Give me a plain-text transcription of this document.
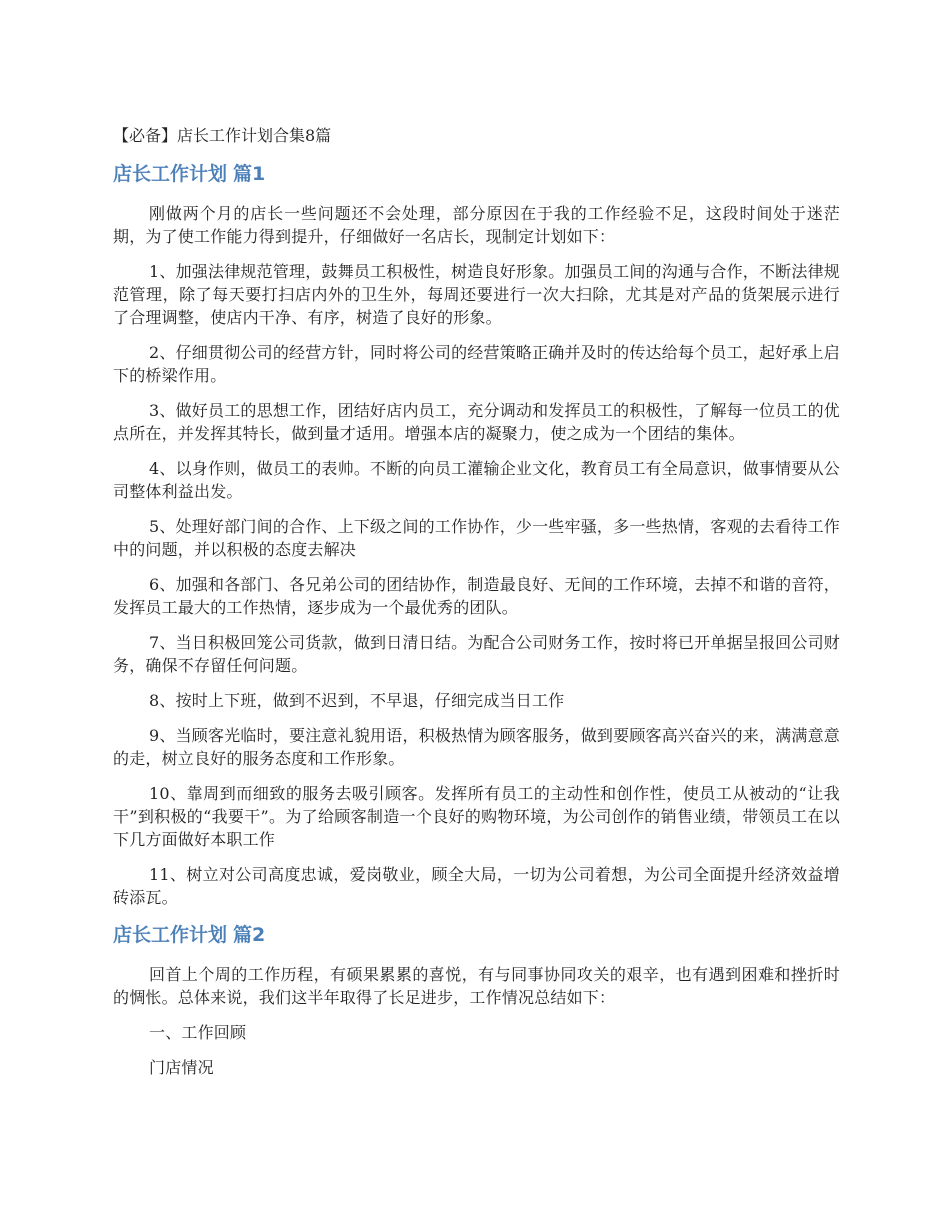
【必备】店长工作计划合集8篇
店长工作计划 篇1

刚做两个月的店长一些问题还不会处理，部分原因在于我的工作经验不足，这段时间处于迷茫期，为了使工作能力得到提升，仔细做好一名店长，现制定计划如下：

1、加强法律规范管理，鼓舞员工积极性，树造良好形象。加强员工间的沟通与合作，不断法律规范管理，除了每天要打扫店内外的卫生外，每周还要进行一次大扫除，尤其是对产品的货架展示进行了合理调整，使店内干净、有序，树造了良好的形象。

2、仔细贯彻公司的经营方针，同时将公司的经营策略正确并及时的传达给每个员工，起好承上启下的桥梁作用。

3、做好员工的思想工作，团结好店内员工，充分调动和发挥员工的积极性，了解每一位员工的优点所在，并发挥其特长，做到量才适用。增强本店的凝聚力，使之成为一个团结的集体。

4、以身作则，做员工的表帅。不断的向员工灌输企业文化，教育员工有全局意识，做事情要从公司整体利益出发。

5、处理好部门间的合作、上下级之间的工作协作，少一些牢骚，多一些热情，客观的去看待工作中的问题，并以积极的态度去解决

6、加强和各部门、各兄弟公司的团结协作，制造最良好、无间的工作环境，去掉不和谐的音符，发挥员工最大的工作热情，逐步成为一个最优秀的团队。

7、当日积极回笼公司货款，做到日清日结。为配合公司财务工作，按时将已开单据呈报回公司财务，确保不存留任何问题。

8、按时上下班，做到不迟到，不早退，仔细完成当日工作

9、当顾客光临时，要注意礼貌用语，积极热情为顾客服务，做到要顾客高兴奋兴的来，满满意意的走，树立良好的服务态度和工作形象。

10、靠周到而细致的服务去吸引顾客。发挥所有员工的主动性和创作性，使员工从被动的“让我干”到积极的“我要干”。为了给顾客制造一个良好的购物环境，为公司创作的销售业绩，带领员工在以下几方面做好本职工作

11、树立对公司高度忠诚，爱岗敬业，顾全大局，一切为公司着想，为公司全面提升经济效益增砖添瓦。

店长工作计划 篇2

回首上个周的工作历程，有硕果累累的喜悦，有与同事协同攻关的艰辛，也有遇到困难和挫折时的惆怅。总体来说，我们这半年取得了长足进步，工作情况总结如下：

一、工作回顾

门店情况
